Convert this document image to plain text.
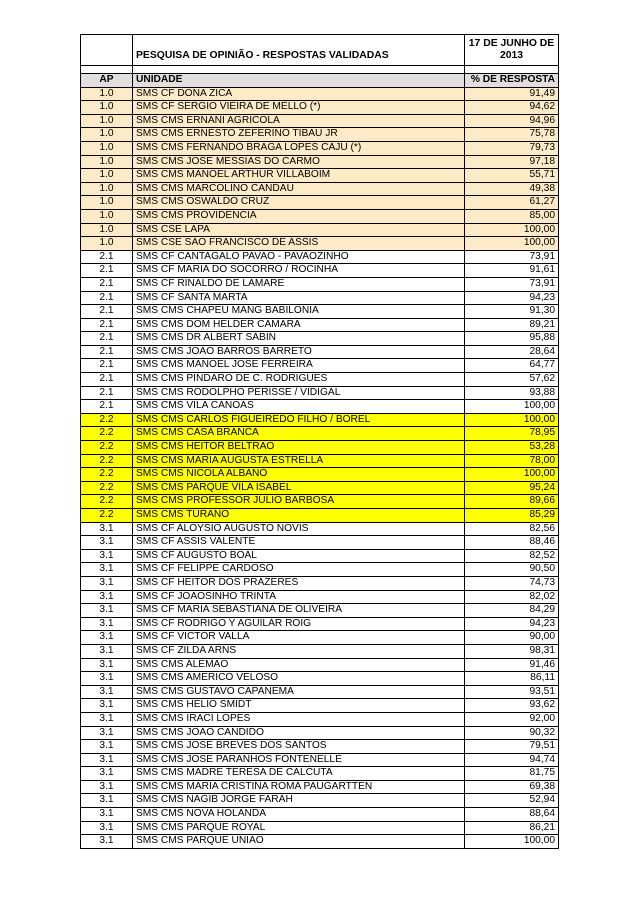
	PESQUISA DE OPINIÃO - RESPOSTAS VALIDADAS	17 DE JUNHO DE
2013

AP	UNIDADE	% DE RESPOSTA
1.0	SMS CF DONA ZICA	91,49
1.0	SMS CF SERGIO VIEIRA DE MELLO (*)	94,62
1.0	SMS CMS ERNANI AGRICOLA	94,96
1.0	SMS CMS ERNESTO ZEFERINO TIBAU JR	75,78
1.0	SMS CMS FERNANDO BRAGA LOPES CAJU (*)	79,73
1.0	SMS CMS JOSE MESSIAS DO CARMO	97,18
1.0	SMS CMS MANOEL ARTHUR VILLABOIM	55,71
1.0	SMS CMS MARCOLINO CANDAU	49,38
1.0	SMS CMS OSWALDO CRUZ	61,27
1.0	SMS CMS PROVIDENCIA	85,00
1.0	SMS CSE LAPA	100,00
1.0	SMS CSE SAO FRANCISCO DE ASSIS	100,00
2.1	SMS CF CANTAGALO PAVAO - PAVAOZINHO	73,91
2.1	SMS CF MARIA DO SOCORRO / ROCINHA	91,61
2.1	SMS CF RINALDO DE LAMARE	73,91
2.1	SMS CF SANTA MARTA	94,23
2.1	SMS CMS CHAPEU MANG BABILONIA	91,30
2.1	SMS CMS DOM HELDER CAMARA	89,21
2.1	SMS CMS DR ALBERT SABIN	95,88
2.1	SMS CMS JOAO BARROS BARRETO	28,64
2.1	SMS CMS MANOEL JOSE FERREIRA	64,77
2.1	SMS CMS PINDARO DE C. RODRIGUES	57,62
2.1	SMS CMS RODOLPHO PERISSE / VIDIGAL	93,88
2.1	SMS CMS VILA CANOAS	100,00
2.2	SMS CMS CARLOS FIGUEIREDO FILHO / BOREL	100,00
2.2	SMS CMS CASA BRANCA	78,95
2.2	SMS CMS HEITOR BELTRAO	53,28
2.2	SMS CMS MARIA AUGUSTA ESTRELLA	78,00
2.2	SMS CMS NICOLA ALBANO	100,00
2.2	SMS CMS PARQUE VILA ISABEL	95,24
2.2	SMS CMS PROFESSOR JULIO BARBOSA	89,66
2.2	SMS CMS TURANO	85,29
3.1	SMS CF ALOYSIO AUGUSTO NOVIS	82,56
3.1	SMS CF ASSIS VALENTE	88,46
3.1	SMS CF AUGUSTO BOAL	82,52
3.1	SMS CF FELIPPE CARDOSO	90,50
3.1	SMS CF HEITOR DOS PRAZERES	74,73
3.1	SMS CF JOAOSINHO TRINTA	82,02
3.1	SMS CF MARIA SEBASTIANA DE OLIVEIRA	84,29
3.1	SMS CF RODRIGO Y AGUILAR ROIG	94,23
3.1	SMS CF VICTOR VALLA	90,00
3.1	SMS CF ZILDA ARNS	98,31
3.1	SMS CMS ALEMAO	91,46
3.1	SMS CMS AMERICO VELOSO	86,11
3.1	SMS CMS GUSTAVO CAPANEMA	93,51
3.1	SMS CMS HELIO SMIDT	93,62
3.1	SMS CMS IRACI LOPES	92,00
3.1	SMS CMS JOAO CANDIDO	90,32
3.1	SMS CMS JOSE BREVES DOS SANTOS	79,51
3.1	SMS CMS JOSE PARANHOS FONTENELLE	94,74
3.1	SMS CMS MADRE TERESA DE CALCUTA	81,75
3.1	SMS CMS MARIA CRISTINA ROMA PAUGARTTEN	69,38
3.1	SMS CMS NAGIB JORGE FARAH	52,94
3.1	SMS CMS NOVA HOLANDA	88,64
3.1	SMS CMS PARQUE ROYAL	86,21
3.1	SMS CMS PARQUE UNIAO	100,00
